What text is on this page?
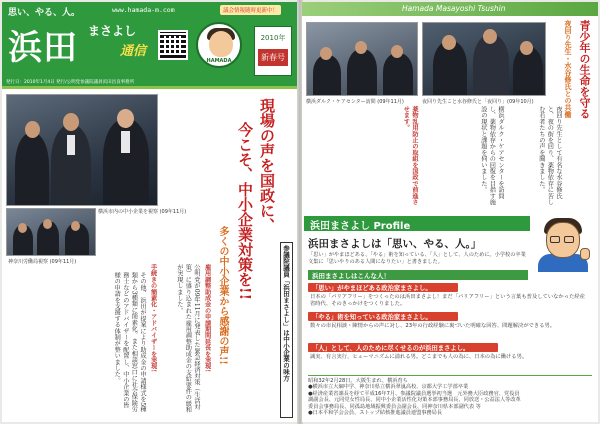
思い、やる、人。	www.hamada-m.com	議会情報随時更新中！
浜田 まさよし
通信
HAMADA
2010年
新春号
発行日：2010年1月4日 発行/公明党参議院議員浜田昌良事務所
横浜市内の中小企業を視察 (09年11月)
神奈川労働局視察 (09年11月)
現場の声を国政に、
今こそ、中小企業対策を!!
参議院議員「浜田まさよし」は中小企業の味方
多くの中小企業から感謝の声!!
雇用調整助成金の申請期間延長を実現!
公明党が09年11月に発表した緊急経済対策（生活対策）に盛り込まれた雇用調整助成金の支給要件の緩和が実現しました。
手続きの簡素化・アドバイザーを実現!
その他、浜田が提案により助成金の申請様式を5種類から3種類に簡素化。また相談窓口に社会保険労務士などのアドバイザーを配置し、中小企業の皆様の申請を支援する体制が整いました。
Hamada Masayoshi Tsushin
横浜ダルク・ケアセンター訪問 (09年11月)	夜回り先生こと水谷修氏と「夜回り」(09年10月)	青少年の生命を守る
夜回り先生・水谷修氏との共働
夜回り先生として有名な水谷修氏と、夜の街を回り、薬物依存に苦しむ若者たちの声を聞きました。
横浜ダルク・ケアセンターを訪問し、薬物依存からの回復を目指す施設の現状と課題を伺いました。
薬物乱用防止の取組を国政で前進させます。
浜田まさよし Profile
浜田まさよしは「思い、やる、人。」
「思い」がやまほどある、「やる」術を知っている、「人」として、人のために。小学校の卒業文集に「思いやりのある人間になりたい」と書きました。
浜田まさよしはこんな人！
「思い」がやまほどある政治家まさよし。
日本の「バリアフリー」をつくったのは浜田まさよし！まだ「バリアフリー」という言葉も普及していなかった経産省時代、そのきっかけをつくりました。
「やる」術を知っている政治家まさよし。
数々の市民相談・陳情からの声に対し、23年の行政経験に裏づいた明確な回答、問題解決ができる男。
「人」として、人のために尽くせるのが浜田まさよし。
誠実、有言実行、ヒューマニズムに溢れる男。どこまでも人の為に、日本の為に働ける男。
昭和32年2月28日、大阪生まれ、横浜育ち
●横浜市立大綱中学、神奈川県立横浜翠嵐高校、京都大学工学部卒業
●経済産業省課長を経て平成16年7月、参議院議員選挙初当選　元外務大臣政務官、党役員
調副会長、元同党女性局長、同中小企業活性化対策本部事務局長、同放送・公益法人等改革
委員会事務局長、同孤島地域振興委員会副会長、同神奈川県本部副代表 等
●日本平和学会会員、ストップ結核推進議員連盟事務局長
